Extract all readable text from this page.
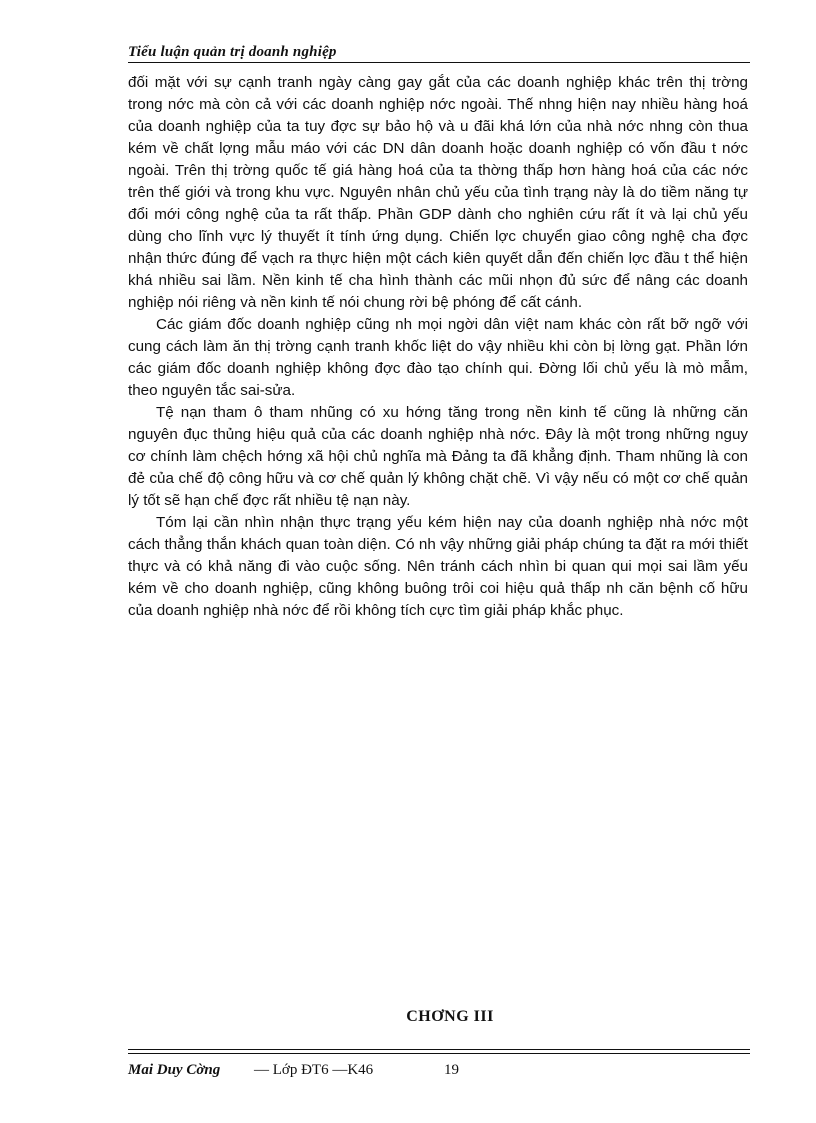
Tiểu luận quản trị doanh nghiệp

đối mặt với sự cạnh tranh ngày càng gay gắt của các doanh nghiệp khác trên thị trờng trong nớc mà còn cả với các doanh nghiệp nớc ngoài. Thế nhng hiện nay nhiều hàng hoá của doanh nghiệp của ta tuy đợc sự bảo hộ và u đãi khá lớn của nhà nớc nhng còn thua kém về chất lợng mẫu máo với các DN dân doanh hoặc doanh nghiệp có vốn đầu t nớc ngoài. Trên thị trờng quốc tế giá hàng hoá của ta thờng thấp hơn hàng hoá của các nớc trên thế giới và trong khu vực. Nguyên nhân chủ yếu của tình trạng này là do tiềm năng tự đổi mới công nghệ của ta rất thấp. Phần GDP dành cho nghiên cứu rất ít và lại chủ yếu dùng cho lĩnh vực lý thuyết ít tính ứng dụng. Chiến lợc chuyển giao công nghệ cha đợc nhận thức đúng để vạch ra thực hiện một cách kiên quyết dẫn đến chiến lợc đầu t thể hiện khá nhiều sai lầm. Nền kinh tế cha hình thành các mũi nhọn đủ sức để nâng các doanh nghiệp nói riêng và nền kinh tế nói chung rời bệ phóng để cất cánh.

Các giám đốc doanh nghiệp cũng nh mọi ngời dân việt nam khác còn rất bỡ ngỡ với cung cách làm ăn thị trờng cạnh tranh khốc liệt do vậy nhiều khi còn bị lờng gạt. Phần lớn các giám đốc doanh nghiệp không đợc đào tạo chính qui. Đờng lối chủ yếu là mò mẫm, theo nguyên tắc sai-sửa.

Tệ nạn tham ô tham nhũng có xu hớng tăng trong nền kinh tế cũng là những căn nguyên đục thủng hiệu quả của các doanh nghiệp nhà nớc. Đây là một trong những nguy cơ chính làm chệch hớng xã hội chủ nghĩa mà Đảng ta đã khẳng định. Tham nhũng là con đẻ của chế độ công hữu và cơ chế quản lý không chặt chẽ. Vì vậy nếu có một cơ chế quản lý tốt sẽ hạn chế đợc rất nhiều tệ nạn này.

Tóm lại cần nhìn nhận thực trạng yếu kém hiện nay của doanh nghiệp nhà nớc một cách thẳng thắn khách quan toàn diện. Có nh vậy những giải pháp chúng ta đặt ra mới thiết thực và có khả năng đi vào cuộc sống. Nên tránh cách nhìn bi quan qui mọi sai lầm yếu kém về cho doanh nghiệp, cũng không buông trôi coi hiệu quả thấp nh căn bệnh cố hữu của doanh nghiệp nhà nớc để rồi không tích cực tìm giải pháp khắc phục.

CHƠNG III
Mai Duy Cờng — Lớp ĐT6 —K46	19
